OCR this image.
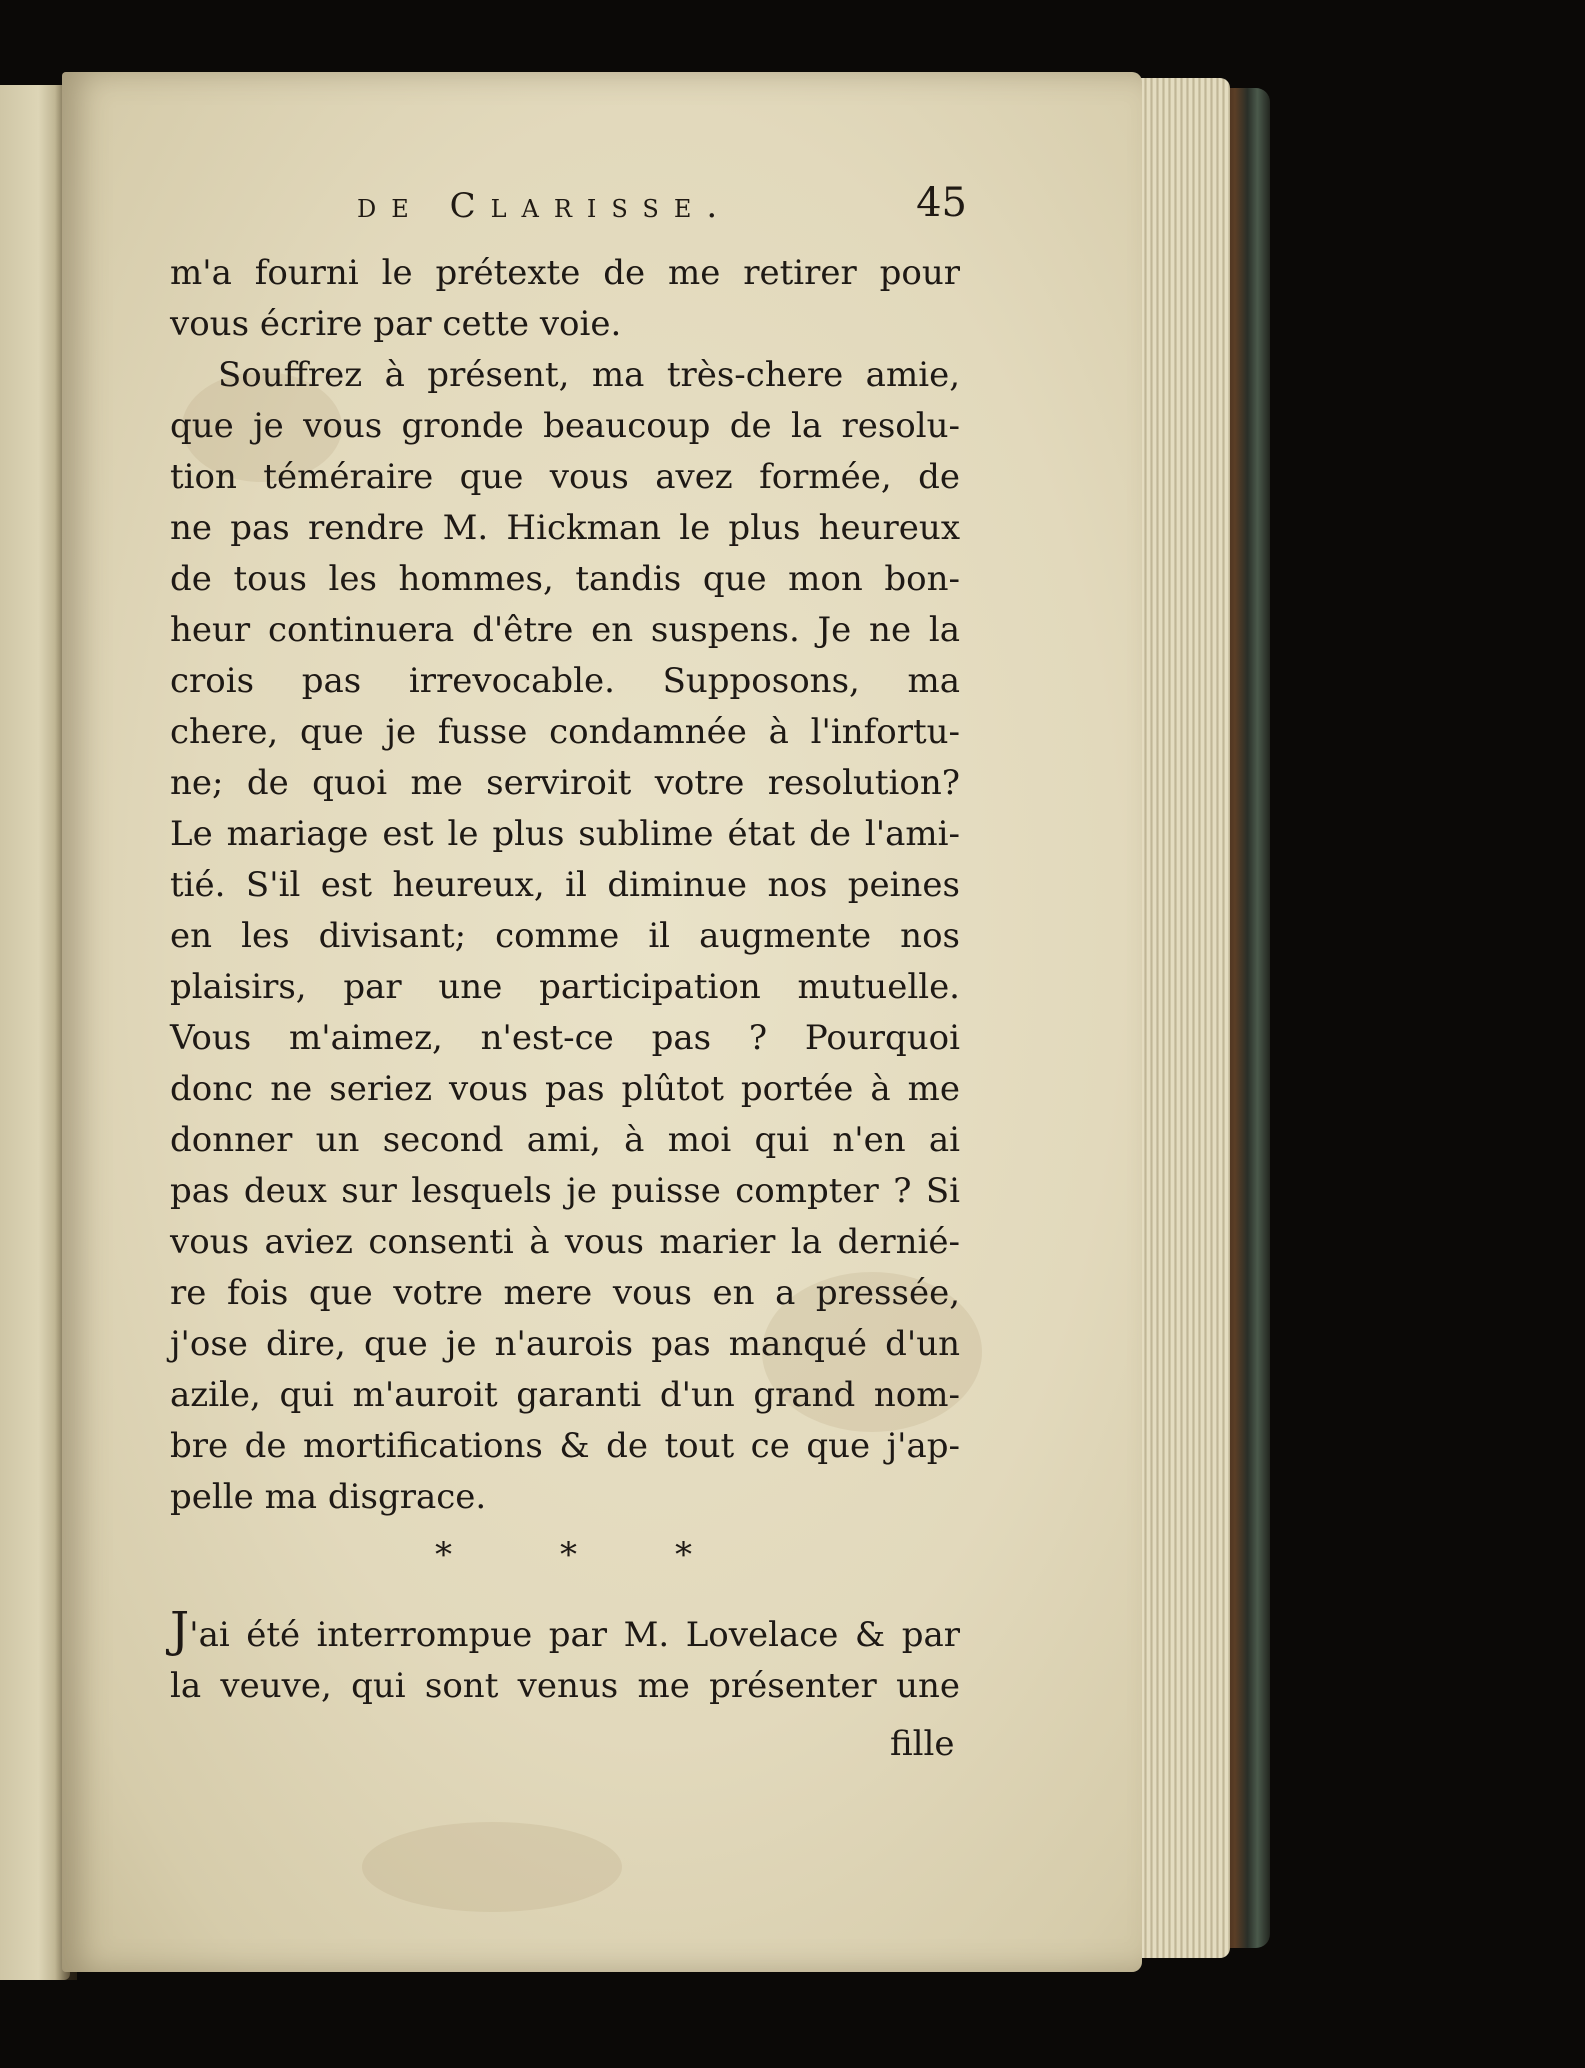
de Clarisse.	45
m'a fourni le prétexte de me retirer pour
vous écrire par cette voie.
Souffrez à présent, ma très-chere amie,
que je vous gronde beaucoup de la resolu-
tion téméraire que vous avez formée, de
ne pas rendre M. Hickman le plus heureux
de tous les hommes, tandis que mon bon-
heur continuera d'être en suspens. Je ne la
crois pas irrevocable. Supposons, ma
chere, que je fusse condamnée à l'infortu-
ne; de quoi me serviroit votre resolution?
Le mariage est le plus sublime état de l'ami-
tié. S'il est heureux, il diminue nos peines
en les divisant; comme il augmente nos
plaisirs, par une participation mutuelle.
Vous m'aimez, n'est-ce pas ? Pourquoi
donc ne seriez vous pas plûtot portée à me
donner un second ami, à moi qui n'en ai
pas deux sur lesquels je puisse compter ? Si
vous aviez consenti à vous marier la dernié-
re fois que votre mere vous en a pressée,
j'ose dire, que je n'aurois pas manqué d'un
azile, qui m'auroit garanti d'un grand nom-
bre de mortifications & de tout ce que j'ap-
pelle ma disgrace.
*	*	*
J'ai été interrompue par M. Lovelace & par
la veuve, qui sont venus me présenter une
fille
